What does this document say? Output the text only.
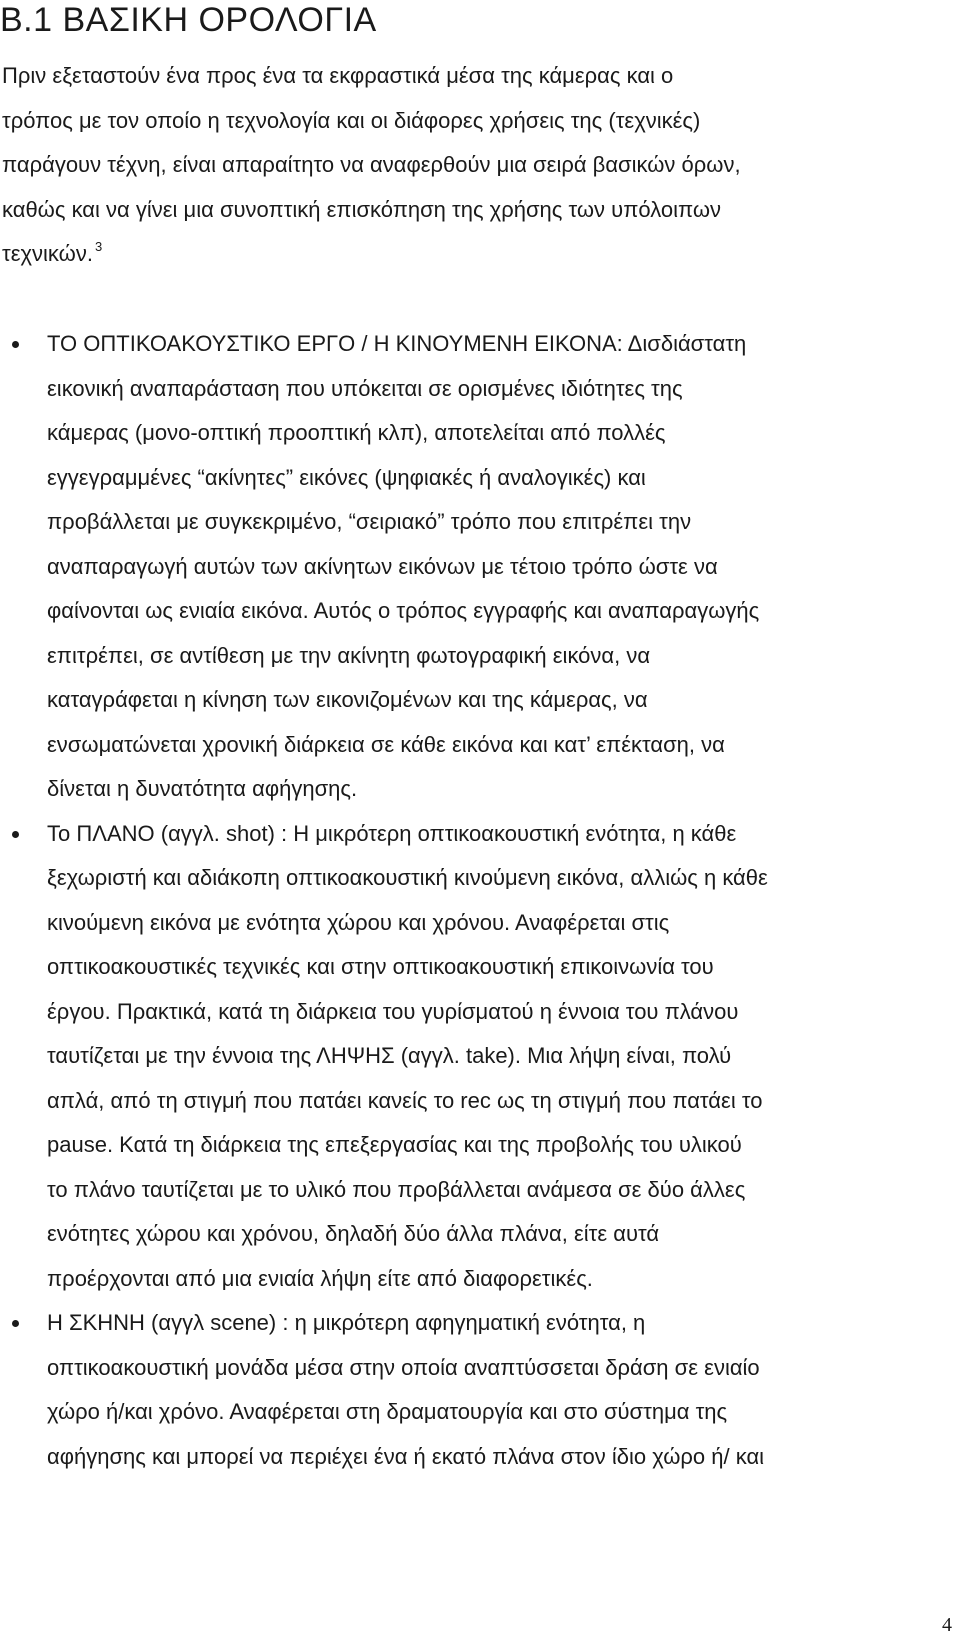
Β.1 ΒΑΣΙΚΗ ΟΡΟΛΟΓΙΑ

Πριν εξεταστούν ένα προς ένα τα εκφραστικά μέσα της κάμερας και ο
τρόπος με τον οποίο η τεχνολογία και οι διάφορες χρήσεις της (τεχνικές)
παράγουν τέχνη, είναι απαραίτητο να αναφερθούν μια σειρά βασικών όρων,
καθώς και να γίνει μια συνοπτική επισκόπηση της χρήσης των υπόλοιπων
τεχνικών. $^3$

ΤΟ ΟΠΤΙΚΟΑΚΟΥΣΤΙΚΟ ΕΡΓΟ / Η ΚΙΝΟΥΜΕΝΗ ΕΙΚΟΝΑ: Δισδιάστατη
εικονική αναπαράσταση που υπόκειται σε ορισμένες ιδιότητες της
κάμερας (μονο-οπτική προοπτική κλπ), αποτελείται από πολλές
εγγεγραμμένες “ακίνητες” εικόνες (ψηφιακές ή αναλογικές) και
προβάλλεται με συγκεκριμένο, “σειριακό” τρόπο που επιτρέπει την
αναπαραγωγή αυτών των ακίνητων εικόνων με τέτοιο τρόπο ώστε να
φαίνονται ως ενιαία εικόνα. Αυτός ο τρόπος εγγραφής και αναπαραγωγής
επιτρέπει, σε αντίθεση με την ακίνητη φωτογραφική εικόνα, να
καταγράφεται η κίνηση των εικονιζομένων και της κάμερας, να
ενσωματώνεται χρονική διάρκεια σε κάθε εικόνα και κατ’ επέκταση, να
δίνεται η δυνατότητα αφήγησης.
Το ΠΛΑΝΟ (αγγλ. shot) : Η μικρότερη οπτικοακουστική ενότητα, η κάθε
ξεχωριστή και αδιάκοπη οπτικοακουστική κινούμενη εικόνα, αλλιώς η κάθε
κινούμενη εικόνα με ενότητα χώρου και χρόνου. Αναφέρεται στις
οπτικοακουστικές τεχνικές και στην οπτικοακουστική επικοινωνία του
έργου. Πρακτικά, κατά τη διάρκεια του γυρίσματού η έννοια του πλάνου
ταυτίζεται με την έννοια της ΛΗΨΗΣ (αγγλ. take). Μια λήψη είναι, πολύ
απλά, από τη στιγμή που πατάει κανείς το rec ως τη στιγμή που πατάει το
pause. Κατά τη διάρκεια της επεξεργασίας και της προβολής του υλικού
το πλάνο ταυτίζεται με το υλικό που προβάλλεται ανάμεσα σε δύο άλλες
ενότητες χώρου και χρόνου, δηλαδή δύο άλλα πλάνα, είτε αυτά
προέρχονται από μια ενιαία λήψη είτε από διαφορετικές.
Η ΣΚΗΝΗ (αγγλ scene) : η μικρότερη αφηγηματική ενότητα, η
οπτικοακουστική μονάδα μέσα στην οποία αναπτύσσεται δράση σε ενιαίο
χώρο ή/και χρόνο. Αναφέρεται στη δραματουργία και στο σύστημα της
αφήγησης και μπορεί να περιέχει ένα ή εκατό πλάνα στον ίδιο χώρο ή/ και
4
